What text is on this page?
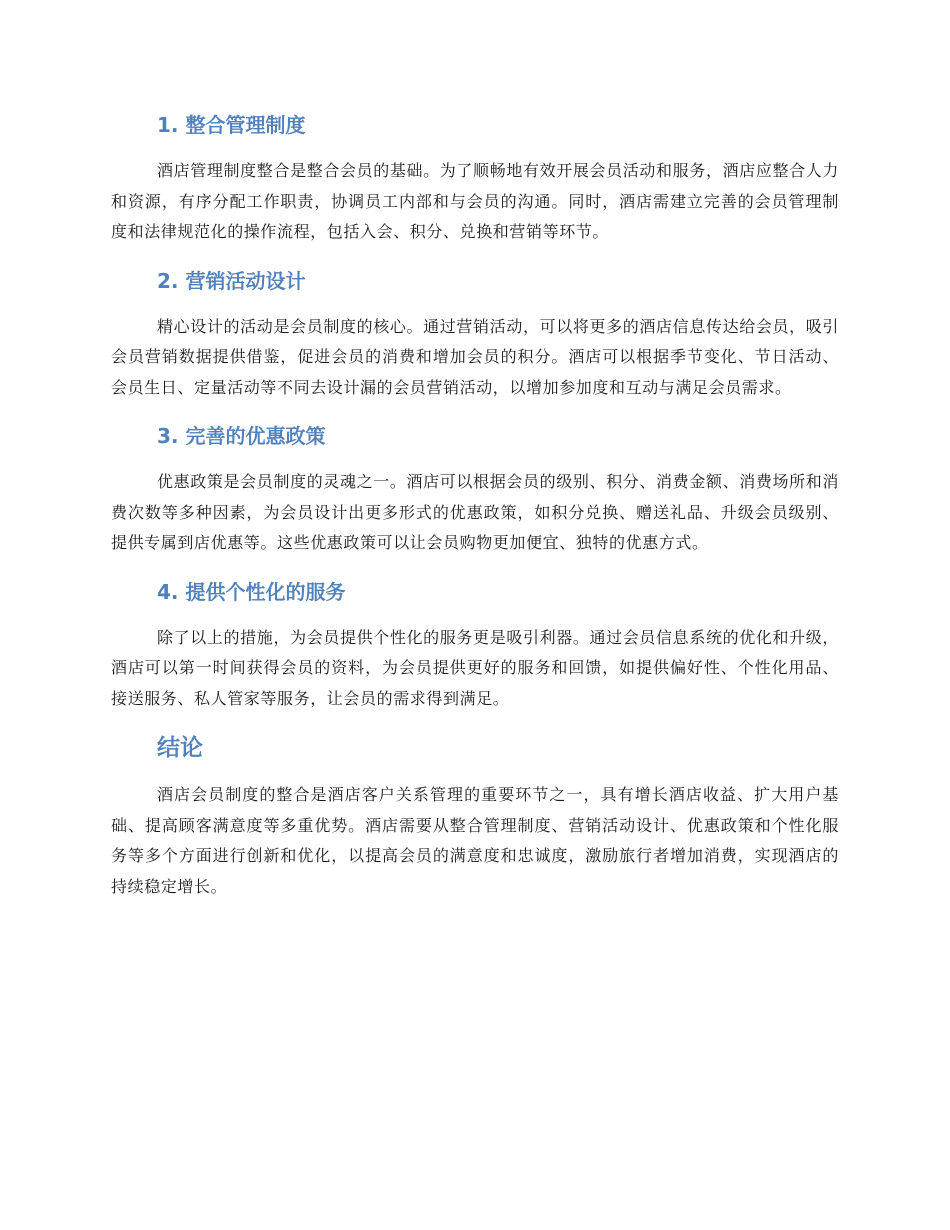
1. 整合管理制度

酒店管理制度整合是整合会员的基础。为了顺畅地有效开展会员活动和服务，酒店应整合人力和资源，有序分配工作职责，协调员工内部和与会员的沟通。同时，酒店需建立完善的会员管理制度和法律规范化的操作流程，包括入会、积分、兑换和营销等环节。

2. 营销活动设计

精心设计的活动是会员制度的核心。通过营销活动，可以将更多的酒店信息传达给会员，吸引会员营销数据提供借鉴，促进会员的消费和增加会员的积分。酒店可以根据季节变化、节日活动、会员生日、定量活动等不同去设计漏的会员营销活动，以增加参加度和互动与满足会员需求。

3. 完善的优惠政策

优惠政策是会员制度的灵魂之一。酒店可以根据会员的级别、积分、消费金额、消费场所和消费次数等多种因素，为会员设计出更多形式的优惠政策，如积分兑换、赠送礼品、升级会员级别、提供专属到店优惠等。这些优惠政策可以让会员购物更加便宜、独特的优惠方式。

4. 提供个性化的服务

除了以上的措施，为会员提供个性化的服务更是吸引利器。通过会员信息系统的优化和升级，酒店可以第一时间获得会员的资料，为会员提供更好的服务和回馈，如提供偏好性、个性化用品、接送服务、私人管家等服务，让会员的需求得到满足。

结论

酒店会员制度的整合是酒店客户关系管理的重要环节之一，具有增长酒店收益、扩大用户基础、提高顾客满意度等多重优势。酒店需要从整合管理制度、营销活动设计、优惠政策和个性化服务等多个方面进行创新和优化，以提高会员的满意度和忠诚度，激励旅行者增加消费，实现酒店的持续稳定增长。
